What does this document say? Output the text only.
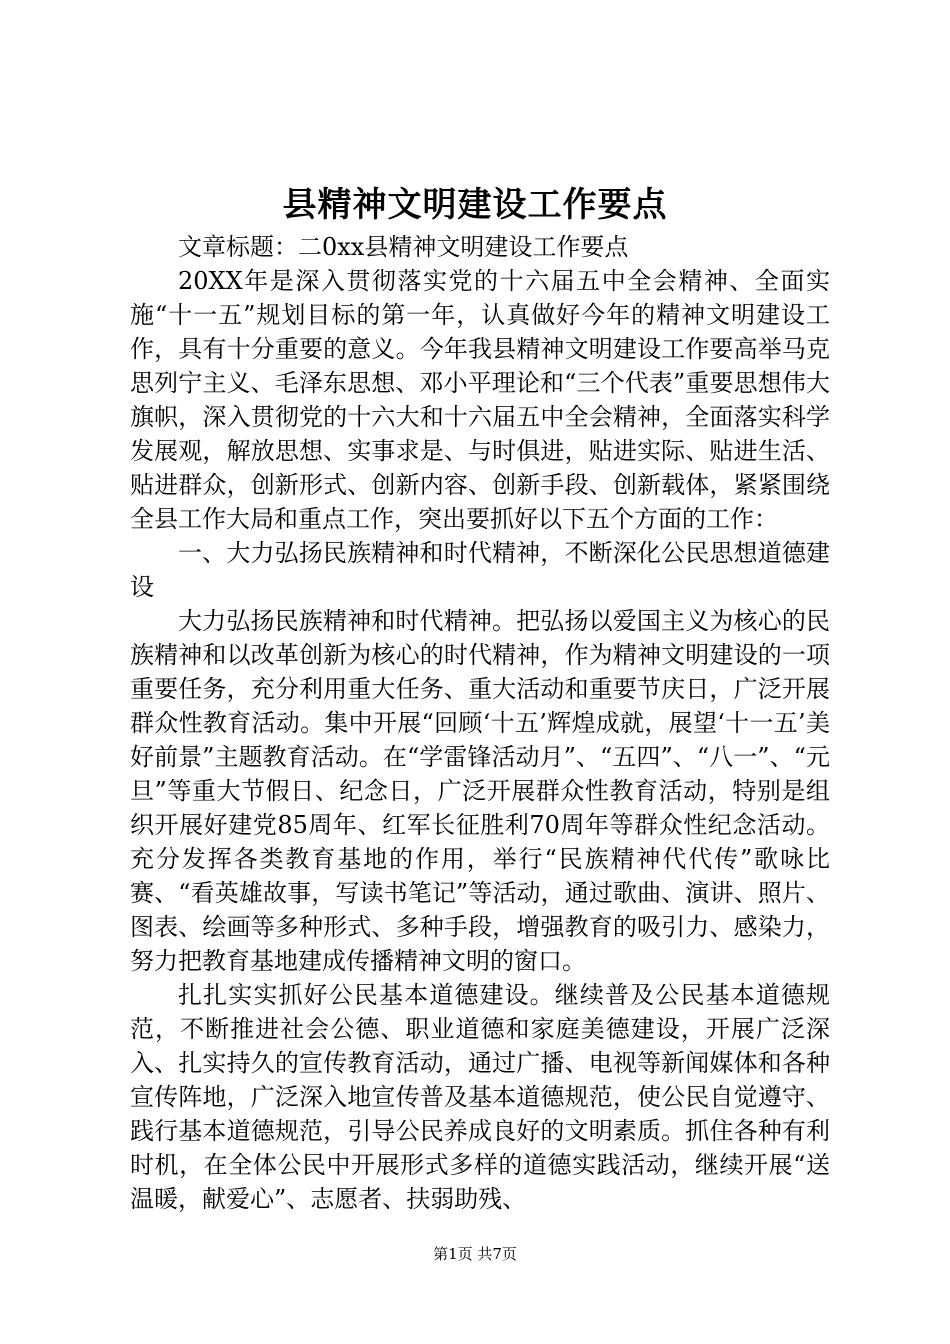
县精神文明建设工作要点

文章标题：二0xx县精神文明建设工作要点

20XX年是深入贯彻落实党的十六届五中全会精神、全面实施“十一五”规划目标的第一年，认真做好今年的精神文明建设工作，具有十分重要的意义。今年我县精神文明建设工作要高举马克思列宁主义、毛泽东思想、邓小平理论和“三个代表”重要思想伟大旗帜，深入贯彻党的十六大和十六届五中全会精神，全面落实科学发展观，解放思想、实事求是、与时俱进，贴进实际、贴进生活、贴进群众，创新形式、创新内容、创新手段、创新载体，紧紧围绕全县工作大局和重点工作，突出要抓好以下五个方面的工作：

一、大力弘扬民族精神和时代精神，不断深化公民思想道德建设

大力弘扬民族精神和时代精神。把弘扬以爱国主义为核心的民族精神和以改革创新为核心的时代精神，作为精神文明建设的一项重要任务，充分利用重大任务、重大活动和重要节庆日，广泛开展群众性教育活动。集中开展“回顾‘十五’辉煌成就，展望‘十一五’美好前景”主题教育活动。在“学雷锋活动月”、“五四”、“八一”、“元旦”等重大节假日、纪念日，广泛开展群众性教育活动，特别是组织开展好建党85周年、红军长征胜利70周年等群众性纪念活动。充分发挥各类教育基地的作用，举行“民族精神代代传”歌咏比赛、“看英雄故事，写读书笔记”等活动，通过歌曲、演讲、照片、图表、绘画等多种形式、多种手段，增强教育的吸引力、感染力，努力把教育基地建成传播精神文明的窗口。

扎扎实实抓好公民基本道德建设。继续普及公民基本道德规范，不断推进社会公德、职业道德和家庭美德建设，开展广泛深入、扎实持久的宣传教育活动，通过广播、电视等新闻媒体和各种宣传阵地，广泛深入地宣传普及基本道德规范，使公民自觉遵守、践行基本道德规范，引导公民养成良好的文明素质。抓住各种有利时机，在全体公民中开展形式多样的道德实践活动，继续开展“送温暖，献爱心”、志愿者、扶弱助残、

第1页 共7页
